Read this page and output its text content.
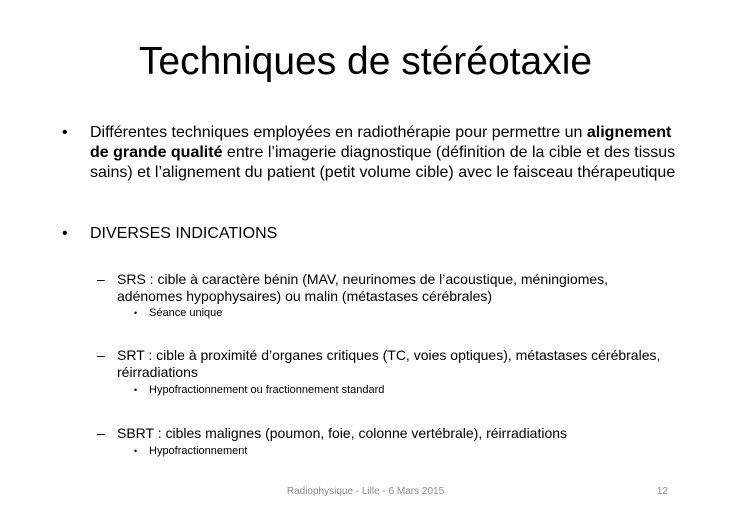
Techniques de stéréotaxie
• Différentes techniques employées en radiothérapie pour permettre un alignement de grande qualité entre l’imagerie diagnostique (définition de la cible et des tissus sains) et l’alignement du patient (petit volume cible) avec le faisceau thérapeutique
• DIVERSES INDICATIONS
– SRS : cible à caractère bénin (MAV, neurinomes de l’acoustique, méningiomes, adénomes hypophysaires) ou malin (métastases cérébrales)
• Séance unique
– SRT : cible à proximité d’organes critiques (TC, voies optiques), métastases cérébrales, réirradiations
• Hypofractionnement ou fractionnement standard
– SBRT : cibles malignes (poumon, foie, colonne vertébrale), réirradiations
• Hypofractionnement
Radiophysique - Lille - 6 Mars 2015	12
